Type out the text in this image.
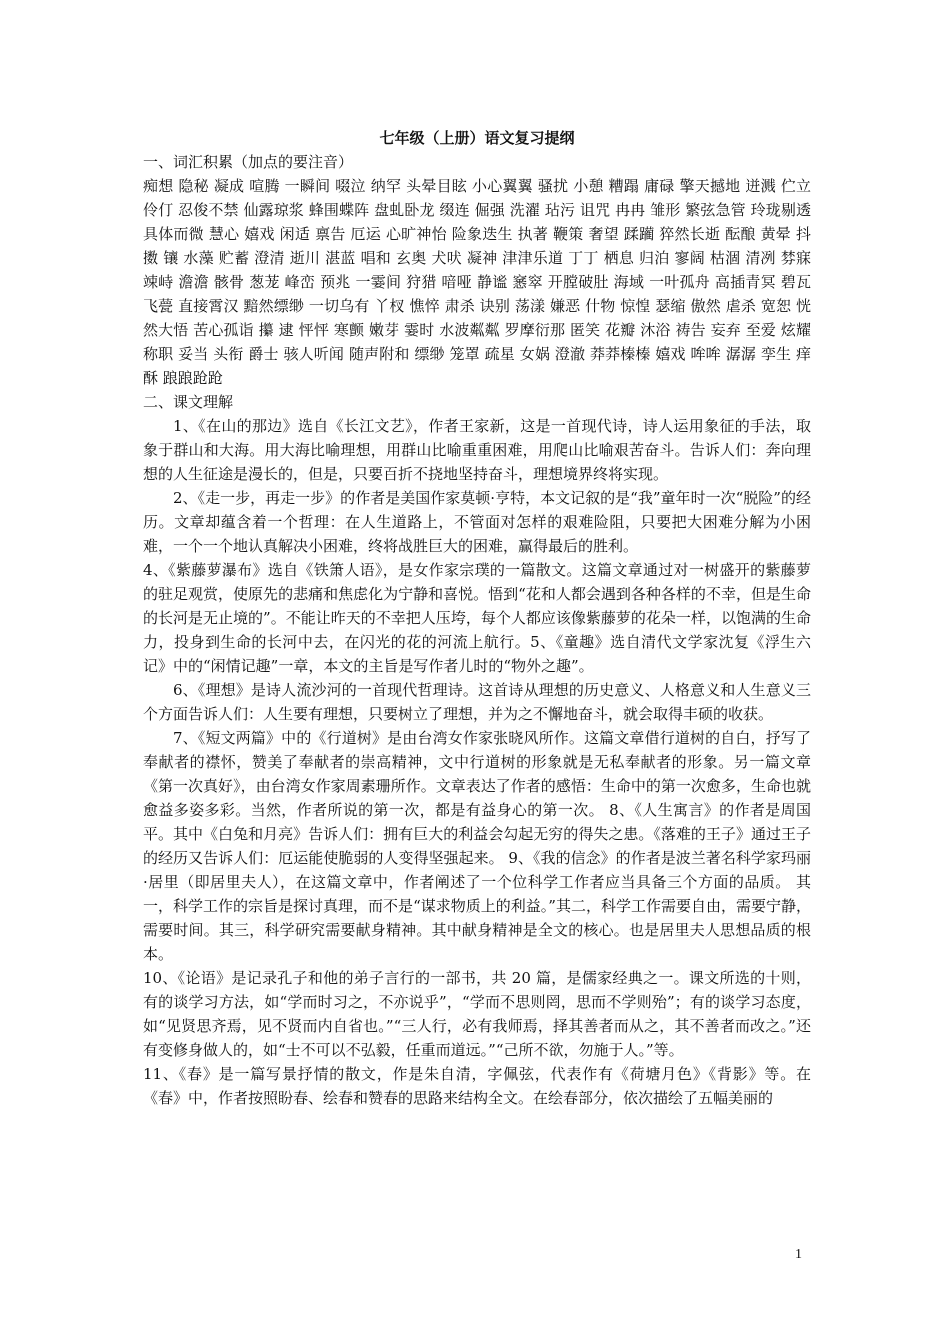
七年级（上册）语文复习提纲
一、词汇积累（加点的要注音）
痴想 隐秘 凝成 喧腾 一瞬间 啜泣 纳罕 头晕目眩 小心翼翼 骚扰 小憩 糟蹋 庸碌 擎天撼地 迸溅 伫立 伶仃 忍俊不禁 仙露琼浆 蜂围蝶阵 盘虬卧龙 缀连 倔强 洗濯 玷污 诅咒 冉冉 雏形 繁弦急管 玲珑剔透 具体而微 慧心 嬉戏 闲适 禀告 厄运 心旷神怡 险象迭生 执著 鞭策 奢望 蹂躏 猝然长逝 酝酿 黄晕 抖擞 镶 水藻 贮蓄 澄清 逝川 湛蓝 唱和 玄奥 犬吠 凝神 津津乐道 丁丁 栖息 归泊 寥阔 枯涸 清冽 棼寐 竦峙 澹澹 骸骨 葱茏 峰峦 预兆 一霎间 狩猎 喑哑 静谧 窸窣 开膛破肚 海域 一叶孤舟 高插青冥 碧瓦飞甍 直接霄汉 黯然缥缈 一切乌有 丫杈 憔悴 肃杀 诀别 荡漾 嫌恶 什物 惊惶 瑟缩 傲然 虐杀 宽恕 恍然大悟 苦心孤诣 攥 逮 怦怦 寒颤 嫩芽 霎时 水波粼粼 罗摩衍那 匿笑 花瓣 沐浴 祷告 妄弃 至爱 炫耀 称职 妥当 头衔 爵士 骇人听闻 随声附和 缥缈 笼罩 疏星 女娲 澄澈 莽莽榛榛 嬉戏 哞哞 潺潺 孪生 痒酥 踉踉跄跄
二、课文理解

1、《在山的那边》选自《长江文艺》，作者王家新，这是一首现代诗，诗人运用象征的手法，取象于群山和大海。用大海比喻理想，用群山比喻重重困难，用爬山比喻艰苦奋斗。告诉人们：奔向理想的人生征途是漫长的，但是，只要百折不挠地坚持奋斗，理想境界终将实现。

2、《走一步，再走一步》的作者是美国作家莫顿·亨特，本文记叙的是“我”童年时一次“脱险”的经历。文章却蕴含着一个哲理：在人生道路上，不管面对怎样的艰难险阻，只要把大困难分解为小困难，一个一个地认真解决小困难，终将战胜巨大的困难，赢得最后的胜利。

4、《紫藤萝瀑布》选自《铁箫人语》，是女作家宗璞的一篇散文。这篇文章通过对一树盛开的紫藤萝的驻足观赏，使原先的悲痛和焦虑化为宁静和喜悦。悟到“花和人都会遇到各种各样的不幸，但是生命的长河是无止境的”。不能让昨天的不幸把人压垮，每个人都应该像紫藤萝的花朵一样，以饱满的生命力，投身到生命的长河中去，在闪光的花的河流上航行。5、《童趣》选自清代文学家沈复《浮生六记》中的“闲情记趣”一章，本文的主旨是写作者儿时的“物外之趣”。

6、《理想》是诗人流沙河的一首现代哲理诗。这首诗从理想的历史意义、人格意义和人生意义三个方面告诉人们：人生要有理想，只要树立了理想，并为之不懈地奋斗，就会取得丰硕的收获。

7、《短文两篇》中的《行道树》是由台湾女作家张晓风所作。这篇文章借行道树的自白，抒写了奉献者的襟怀，赞美了奉献者的崇高精神，文中行道树的形象就是无私奉献者的形象。另一篇文章《第一次真好》，由台湾女作家周素珊所作。文章表达了作者的感悟：生命中的第一次愈多，生命也就愈益多姿多彩。当然，作者所说的第一次，都是有益身心的第一次。 8、《人生寓言》的作者是周国平。其中《白兔和月亮》告诉人们：拥有巨大的利益会勾起无穷的得失之患。《落难的王子》通过王子的经历又告诉人们：厄运能使脆弱的人变得坚强起来。 9、《我的信念》的作者是波兰著名科学家玛丽·居里（即居里夫人），在这篇文章中，作者阐述了一个位科学工作者应当具备三个方面的品质。 其一，科学工作的宗旨是探讨真理，而不是“谋求物质上的利益。”其二，科学工作需要自由，需要宁静，需要时间。其三，科学研究需要献身精神。其中献身精神是全文的核心。也是居里夫人思想品质的根本。

10、《论语》是记录孔子和他的弟子言行的一部书，共 20 篇，是儒家经典之一。课文所选的十则，有的谈学习方法，如“学而时习之，不亦说乎”，“学而不思则罔，思而不学则殆”；有的谈学习态度，如“见贤思齐焉，见不贤而内自省也。”“三人行，必有我师焉，择其善者而从之，其不善者而改之。”还有变修身做人的，如“士不可以不弘毅，任重而道远。”“己所不欲，勿施于人。”等。

11、《春》是一篇写景抒情的散文，作是朱自清，字佩弦，代表作有《荷塘月色》《背影》等。在《春》中，作者按照盼春、绘春和赞春的思路来结构全文。在绘春部分，依次描绘了五幅美丽的

1
